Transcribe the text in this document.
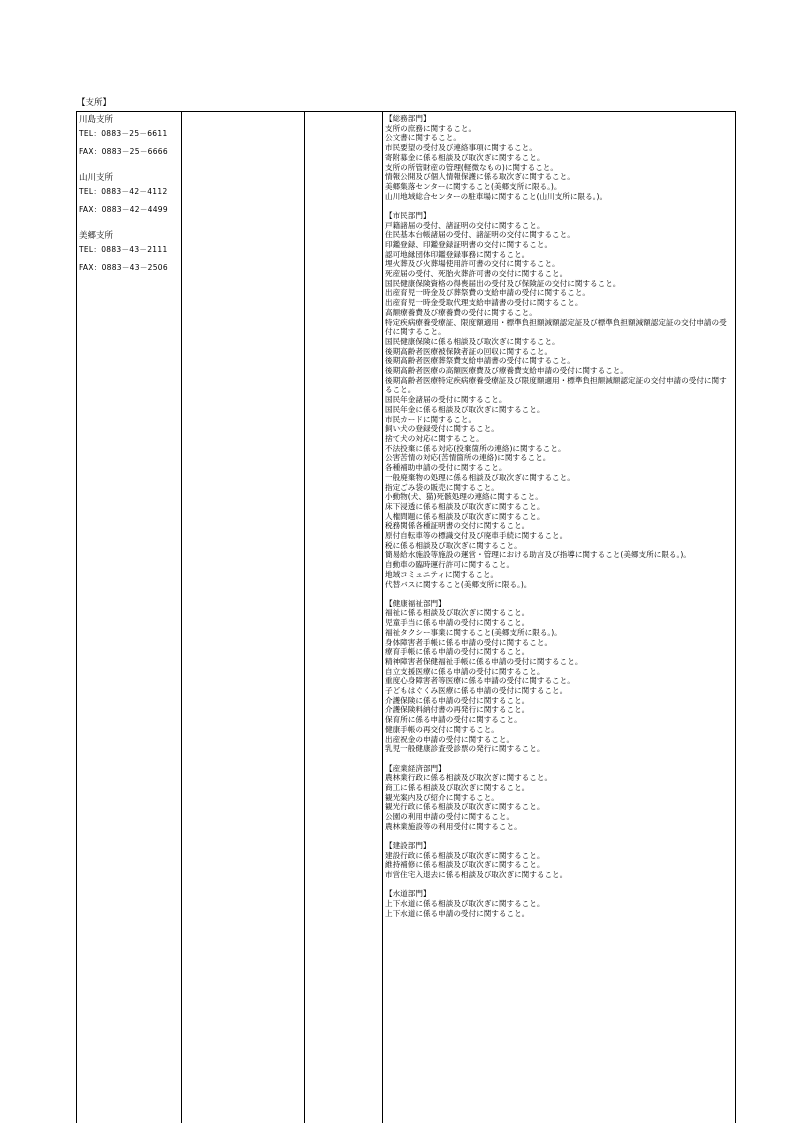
【支所】
川島支所
TEL：0883－25－6611
FAX：0883－25－6666
山川支所
TEL：0883－42－4112
FAX：0883－42－4499
美郷支所
TEL：0883－43－2111
FAX：0883－43－2506
【総務部門】
支所の庶務に関すること。
公文書に関すること。
市民要望の受付及び連絡事項に関すること。
寄附募金に係る相談及び取次ぎに関すること。
支所の所管財産の管理(軽微なもの)に関すること。
情報公開及び個人情報保護に係る取次ぎに関すること。
美郷集落センターに関すること(美郷支所に限る。)。
山川地域総合センターの駐車場に関すること(山川支所に限る。)。
【市民部門】
戸籍諸届の受付、諸証明の交付に関すること。
住民基本台帳諸届の受付、諸証明の交付に関すること。
印鑑登録、印鑑登録証明書の交付に関すること。
認可地縁団体印鑑登録事務に関すること。
埋火葬及び火葬場使用許可書の交付に関すること。
死産届の受付、死胎火葬許可書の交付に関すること。
国民健康保険資格の得喪届出の受付及び保険証の交付に関すること。
出産育児一時金及び葬祭費の支給申請の受付に関すること。
出産育児一時金受取代理支給申請書の受付に関すること。
高額療養費及び療養費の受付に関すること。
特定疾病療養受療証、限度額適用・標準負担額減額認定証及び標準負担額減額認定証の交付申請の受付に関すること。
国民健康保険に係る相談及び取次ぎに関すること。
後期高齢者医療被保険者証の回収に関すること。
後期高齢者医療葬祭費支給申請書の受付に関すること。
後期高齢者医療の高額医療費及び療養費支給申請の受付に関すること。
後期高齢者医療特定疾病療養受療証及び限度額適用・標準負担額減額認定証の交付申請の受付に関すること。
国民年金諸届の受付に関すること。
国民年金に係る相談及び取次ぎに関すること。
市民カードに関すること。
飼い犬の登録受付に関すること。
捨て犬の対応に関すること。
不法投棄に係る対応(投棄箇所の連絡)に関すること。
公害苦情の対応(苦情箇所の連絡)に関すること。
各種補助申請の受付に関すること。
一般廃棄物の処理に係る相談及び取次ぎに関すること。
指定ごみ袋の販売に関すること。
小動物(犬、猫)死骸処理の連絡に関すること。
床下浸透に係る相談及び取次ぎに関すること。
人権問題に係る相談及び取次ぎに関すること。
税務関係各種証明書の交付に関すること。
原付自転車等の標識交付及び廃車手続に関すること。
税に係る相談及び取次ぎに関すること。
簡易給水施設等施設の運営・管理における助言及び指導に関すること(美郷支所に限る。)。
自動車の臨時運行許可に関すること。
地域コミュニティに関すること。
代替バスに関すること(美郷支所に限る。)。
【健康福祉部門】
福祉に係る相談及び取次ぎに関すること。
児童手当に係る申請の受付に関すること。
福祉タクシー事業に関すること(美郷支所に限る。)。
身体障害者手帳に係る申請の受付に関すること。
療育手帳に係る申請の受付に関すること。
精神障害者保健福祉手帳に係る申請の受付に関すること。
自立支援医療に係る申請の受付に関すること。
重度心身障害者等医療に係る申請の受付に関すること。
子どもはぐくみ医療に係る申請の受付に関すること。
介護保険に係る申請の受付に関すること。
介護保険料納付書の再発行に関すること。
保育所に係る申請の受付に関すること。
健康手帳の再交付に関すること。
出産祝金の申請の受付に関すること。
乳児一般健康診査受診票の発行に関すること。
【産業経済部門】
農林業行政に係る相談及び取次ぎに関すること。
商工に係る相談及び取次ぎに関すること。
観光案内及び紹介に関すること。
観光行政に係る相談及び取次ぎに関すること。
公園の利用申請の受付に関すること。
農林業施設等の利用受付に関すること。
【建設部門】
建設行政に係る相談及び取次ぎに関すること。
維持補修に係る相談及び取次ぎに関すること。
市営住宅入退去に係る相談及び取次ぎに関すること。
【水道部門】
上下水道に係る相談及び取次ぎに関すること。
上下水道に係る申請の受付に関すること。
